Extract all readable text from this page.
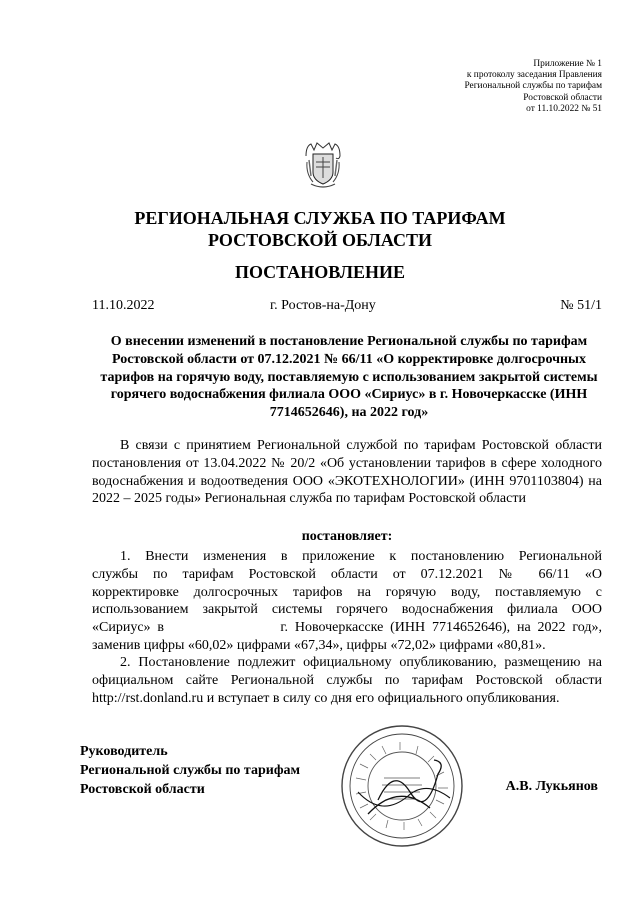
Приложение № 1
к протоколу заседания Правления
Региональной службы по тарифам
Ростовской области
от 11.10.2022 № 51
РЕГИОНАЛЬНАЯ СЛУЖБА ПО ТАРИФАМ
РОСТОВСКОЙ ОБЛАСТИ
ПОСТАНОВЛЕНИЕ
11.10.2022	г. Ростов-на-Дону	№ 51/1
О внесении изменений в постановление Региональной службы по тарифам Ростовской области от 07.12.2021 № 66/11 «О корректировке долгосрочных тарифов на горячую воду, поставляемую с использованием закрытой системы горячего водоснабжения филиала ООО «Сириус» в г. Новочеркасске (ИНН 7714652646), на 2022 год»
В связи с принятием Региональной службой по тарифам Ростовской области постановления от 13.04.2022 № 20/2 «Об установлении тарифов в сфере холодного водоснабжения и водоотведения ООО «ЭКОТЕХНОЛОГИИ» (ИНН 9701103804) на 2022 – 2025 годы» Региональная служба по тарифам Ростовской области
постановляет:
1. Внести изменения в приложение к постановлению Региональной
службы по тарифам Ростовской области от 07.12.2021 № 66/11 «О
корректировке долгосрочных тарифов на горячую воду, поставляемую с
использованием закрытой системы горячего водоснабжения филиала ООО
«Сириус» в                 г. Новочеркасске (ИНН 7714652646), на 2022 год»,
заменив цифры «60,02» цифрами «67,34», цифры «72,02» цифрами «80,81».
2. Постановление подлежит официальному опубликованию, размещению на официальном сайте Региональной службы по тарифам Ростовской области http://rst.donland.ru и вступает в силу со дня его официального опубликования.
Руководитель
Региональной службы по тарифам
Ростовской области	А.В. Лукьянов
